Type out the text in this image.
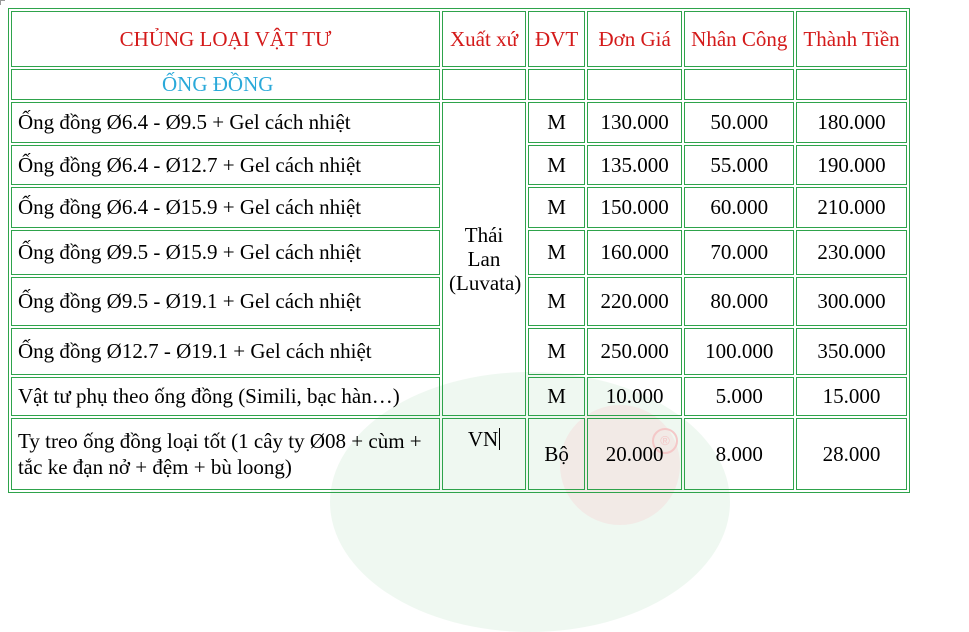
®
CHỦNG LOẠI VẬT TƯ	Xuất xứ	ĐVT	Đơn Giá	Nhân Công	Thành Tiền
ỐNG ĐỒNG					
Ống đồng Ø6.4 - Ø9.5 + Gel cách nhiệt	Thái Lan (Luvata)	M	130.000	50.000	180.000
Ống đồng Ø6.4 - Ø12.7 + Gel cách nhiệt		M	135.000	55.000	190.000
Ống đồng Ø6.4 - Ø15.9 + Gel cách nhiệt		M	150.000	60.000	210.000
Ống đồng Ø9.5 - Ø15.9 + Gel cách nhiệt		M	160.000	70.000	230.000
Ống đồng Ø9.5 - Ø19.1 + Gel cách nhiệt		M	220.000	80.000	300.000
Ống đồng Ø12.7 - Ø19.1 + Gel cách nhiệt		M	250.000	100.000	350.000
Vật tư phụ theo ống đồng (Simili, bạc hàn…)		M	10.000	5.000	15.000
Ty treo ống đồng loại tốt (1 cây ty Ø08 + cùm + tắc ke đạn nở + đệm + bù loong)	VN	Bộ	20.000	8.000	28.000
